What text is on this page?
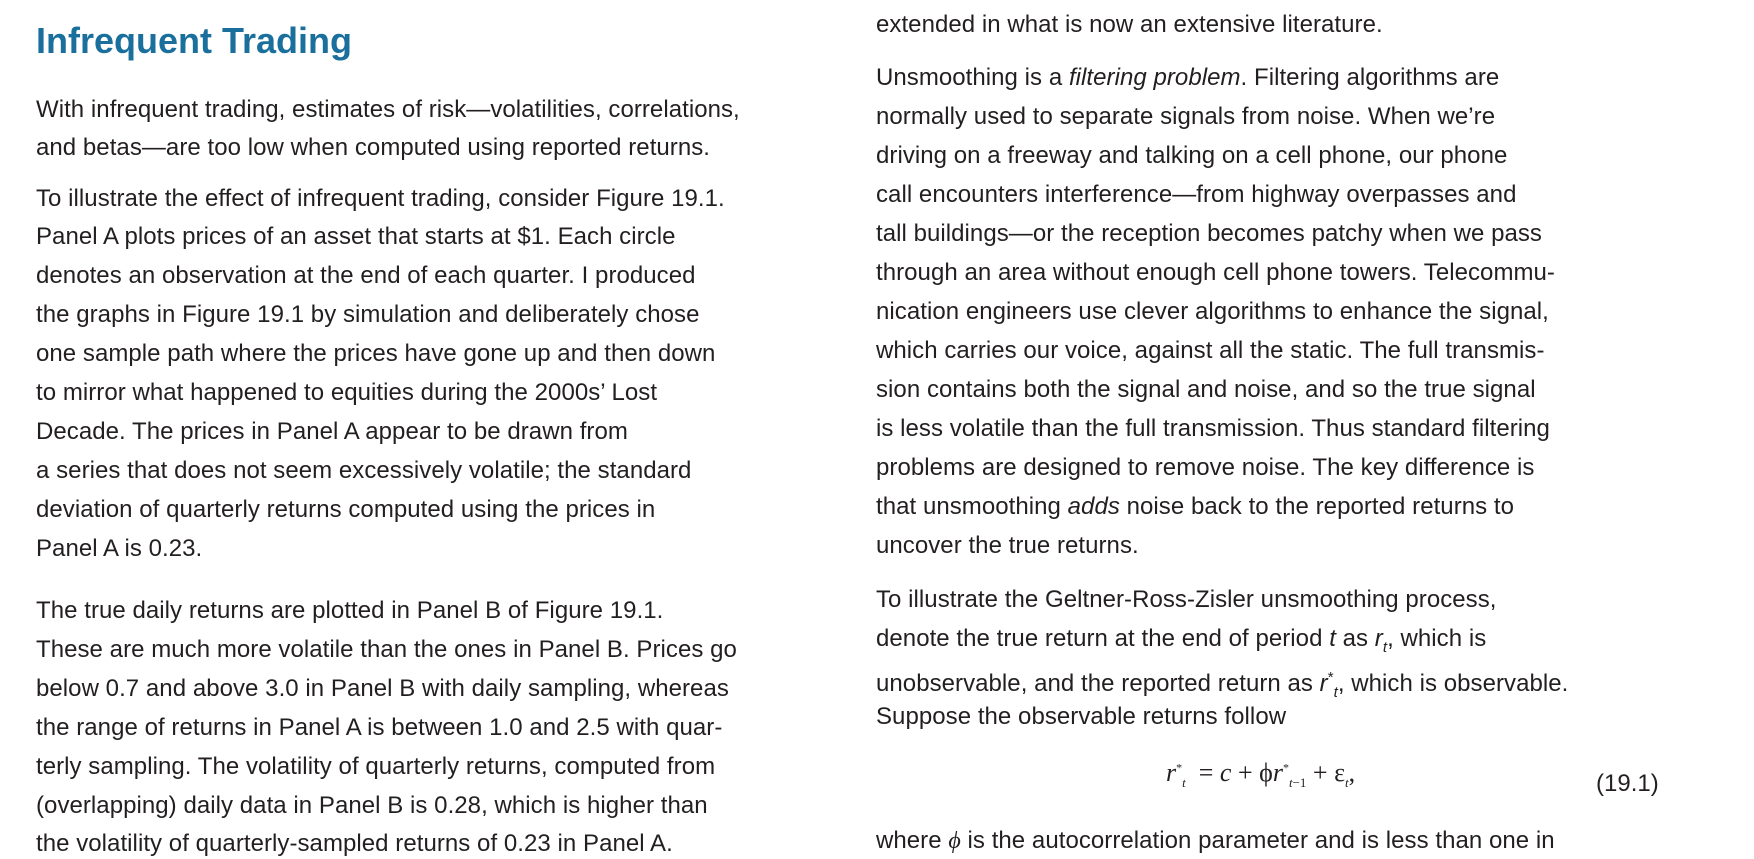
Infrequent Trading
With infrequent trading, estimates of risk—volatilities, correlations,
and betas—are too low when computed using reported returns.
To illustrate the effect of infrequent trading, consider Figure 19.1.
Panel A plots prices of an asset that starts at $1. Each circle
denotes an observation at the end of each quarter. I produced
the graphs in Figure 19.1 by simulation and deliberately chose
one sample path where the prices have gone up and then down
to mirror what happened to equities during the 2000s’ Lost
Decade. The prices in Panel A appear to be drawn from
a series that does not seem excessively volatile; the standard
deviation of quarterly returns computed using the prices in
Panel A is 0.23.
The true daily returns are plotted in Panel B of Figure 19.1.
These are much more volatile than the ones in Panel B. Prices go
below 0.7 and above 3.0 in Panel B with daily sampling, whereas
the range of returns in Panel A is between 1.0 and 2.5 with quar-
terly sampling. The volatility of quarterly returns, computed from
(overlapping) daily data in Panel B is 0.28, which is higher than
the volatility of quarterly-sampled returns of 0.23 in Panel A.
extended in what is now an extensive literature.
Unsmoothing is a filtering problem. Filtering algorithms are
normally used to separate signals from noise. When we’re
driving on a freeway and talking on a cell phone, our phone
call encounters interference—from highway overpasses and
tall buildings—or the reception becomes patchy when we pass
through an area without enough cell phone towers. Telecommu-
nication engineers use clever algorithms to enhance the signal,
which carries our voice, against all the static. The full transmis-
sion contains both the signal and noise, and so the true signal
is less volatile than the full transmission. Thus standard filtering
problems are designed to remove noise. The key difference is
that unsmoothing adds noise back to the reported returns to
uncover the true returns.
To illustrate the Geltner-Ross-Zisler unsmoothing process,
denote the true return at the end of period t as $r_t$, which is
unobservable, and the reported return as $r^*_t$, which is observable.
Suppose the observable returns follow
$r^*_t = c + \phi r^*_{t-1} + \varepsilon_t$,	(19.1)
where ϕ is the autocorrelation parameter and is less than one in
